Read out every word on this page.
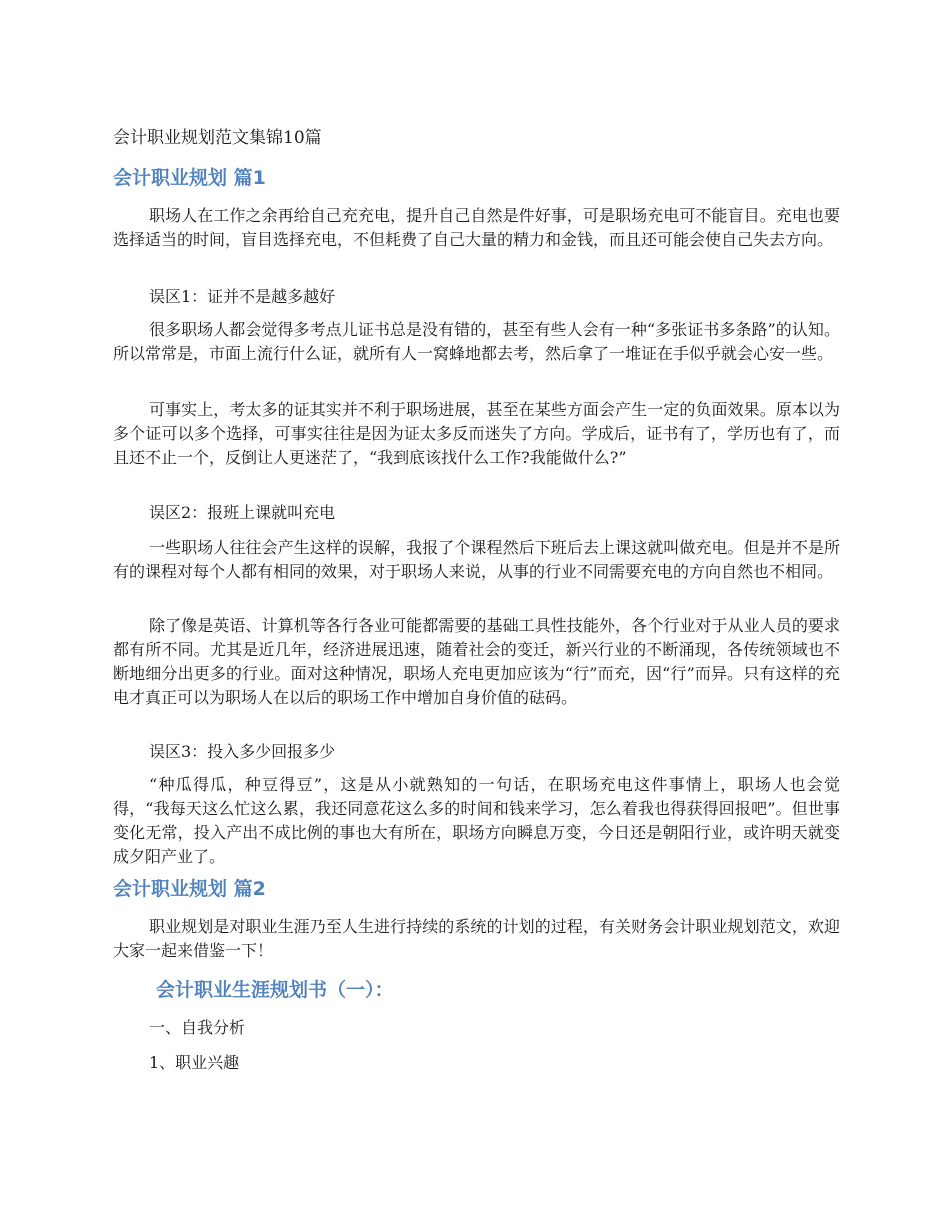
会计职业规划范文集锦10篇
会计职业规划 篇1

职场人在工作之余再给自己充充电，提升自己自然是件好事，可是职场充电可不能盲目。充电也要选择适当的时间，盲目选择充电，不但耗费了自己大量的精力和金钱，而且还可能会使自己失去方向。

误区1：证并不是越多越好

很多职场人都会觉得多考点儿证书总是没有错的，甚至有些人会有一种“多张证书多条路”的认知。所以常常是，市面上流行什么证，就所有人一窝蜂地都去考，然后拿了一堆证在手似乎就会心安一些。

可事实上，考太多的证其实并不利于职场进展，甚至在某些方面会产生一定的负面效果。原本以为多个证可以多个选择，可事实往往是因为证太多反而迷失了方向。学成后，证书有了，学历也有了，而且还不止一个，反倒让人更迷茫了，“我到底该找什么工作?我能做什么?”

误区2：报班上课就叫充电

一些职场人往往会产生这样的误解，我报了个课程然后下班后去上课这就叫做充电。但是并不是所有的课程对每个人都有相同的效果，对于职场人来说，从事的行业不同需要充电的方向自然也不相同。

除了像是英语、计算机等各行各业可能都需要的基础工具性技能外，各个行业对于从业人员的要求都有所不同。尤其是近几年，经济进展迅速，随着社会的变迁，新兴行业的不断涌现，各传统领域也不断地细分出更多的行业。面对这种情况，职场人充电更加应该为“行”而充，因“行”而异。只有这样的充电才真正可以为职场人在以后的职场工作中增加自身价值的砝码。

误区3：投入多少回报多少

“种瓜得瓜，种豆得豆”，这是从小就熟知的一句话，在职场充电这件事情上，职场人也会觉得，“我每天这么忙这么累，我还同意花这么多的时间和钱来学习，怎么着我也得获得回报吧”。但世事变化无常，投入产出不成比例的事也大有所在，职场方向瞬息万变，今日还是朝阳行业，或许明天就变成夕阳产业了。

会计职业规划 篇2

职业规划是对职业生涯乃至人生进行持续的系统的计划的过程，有关财务会计职业规划范文，欢迎大家一起来借鉴一下！

会计职业生涯规划书（一）：
一、自我分析
1、职业兴趣
